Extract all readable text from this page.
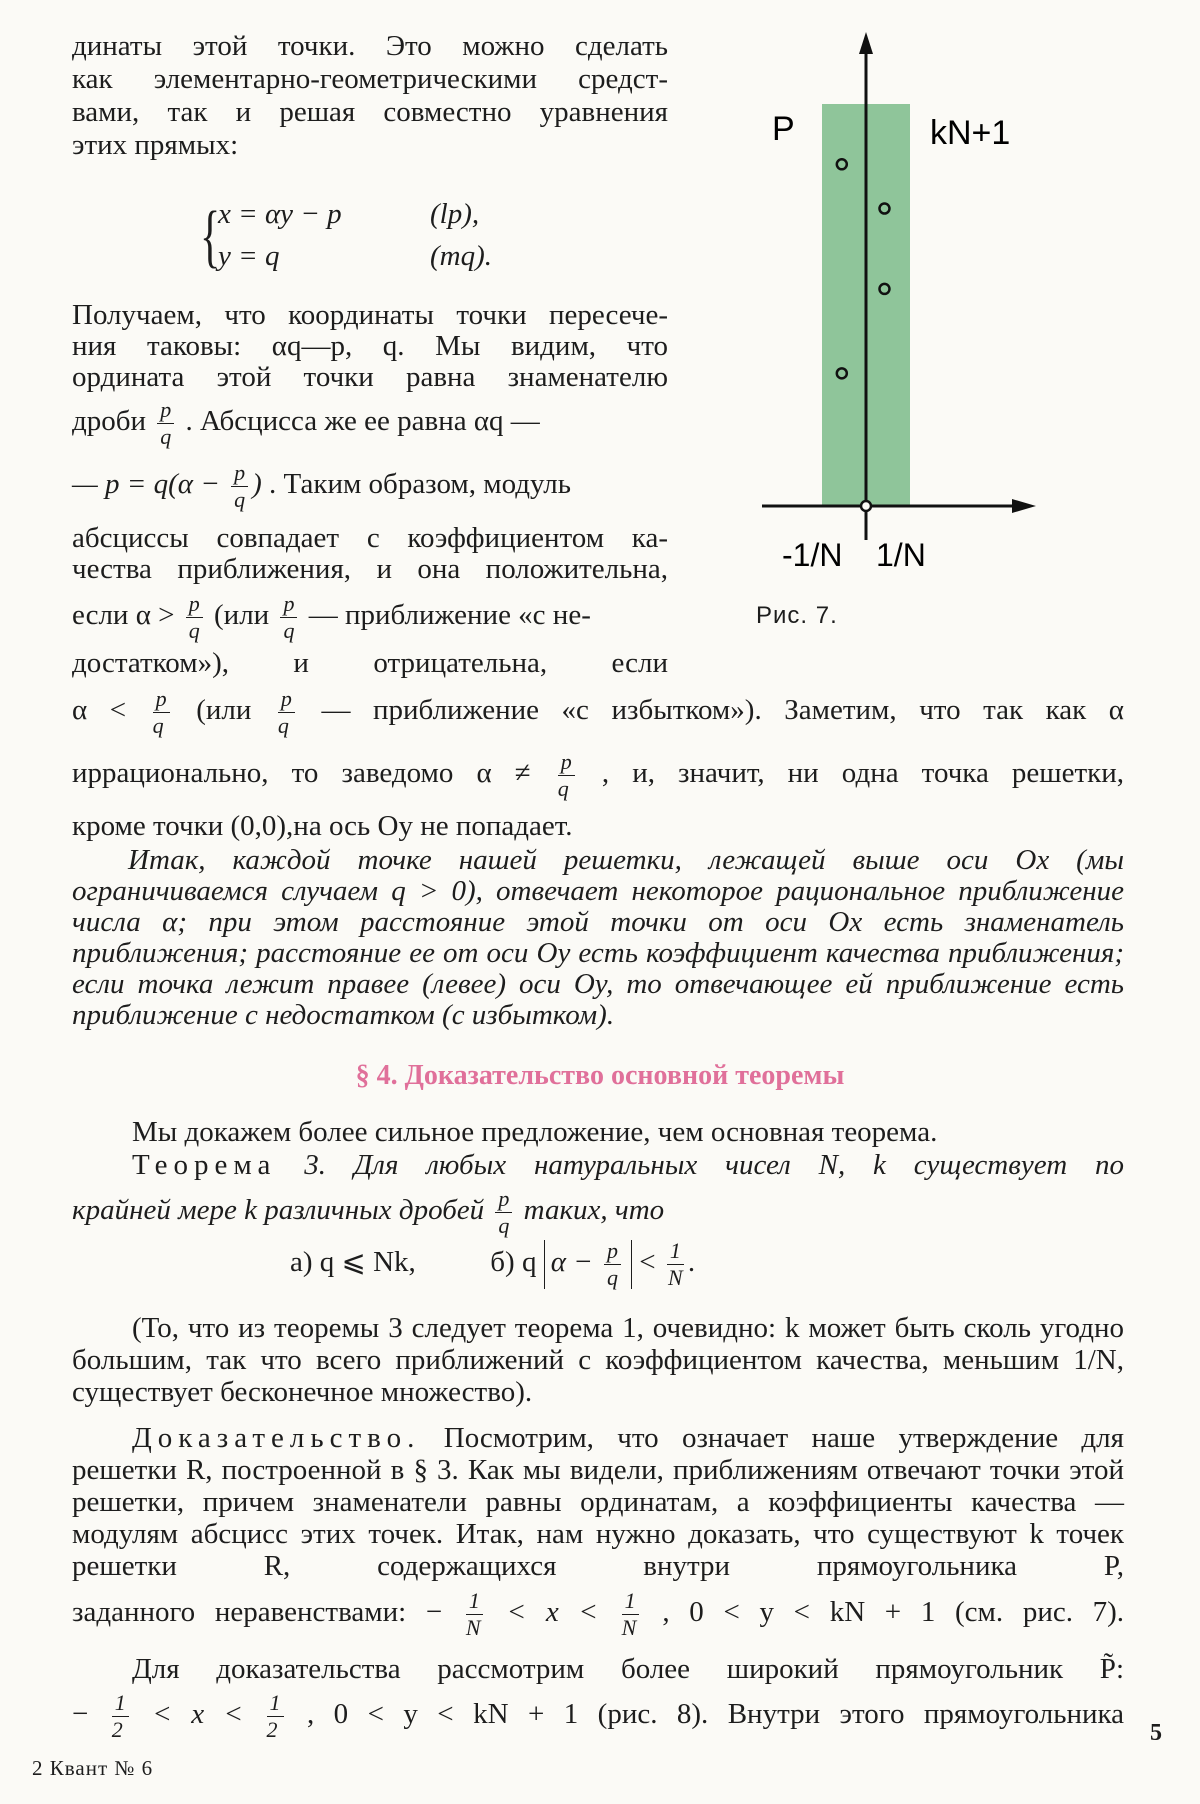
динаты этой точки. Это можно сделать

как элементарно-геометрическими средст-

вами, так и решая совместно уравнения

этих прямых:

{
x = αy − p	(lp),
y = q	(mq).

Получаем, что координаты точки пересече-

ния таковы: αq—p, q. Мы видим, что

ордината этой точки равна знаменателю

дроби $\frac{p}{q}$ . Абсцисса же ее равна αq —

— $p = q(\alpha - \frac{p}{q}$ ) . Таким образом, модуль

абсциссы совпадает с коэффициентом ка-

чества приближения, и она положительна,

если $\alpha > \frac{p}{q} (или \frac{p}{q}$ — приближение «с не-

достатком»), и отрицательна, если

P	kN+1
-1/N 1/N
Рис. 7.

$\alpha < \frac{p}{q} (или \frac{p}{q}$ — приближение «с избытком»). Заметим, что так как α

иррационально, то заведомо $\alpha \ne \frac{p}{q}$ , и, значит, ни одна точка решетки,

кроме точки (0,0),на ось Oy не попадает.

Итак, каждой точке нашей решетки, лежащей выше оси Ox (мы ограничиваемся случаем q > 0), отвечает некоторое рациональное приближение числа α; при этом расстояние этой точки от оси Ox есть знаменатель приближения; расстояние ее от оси Oy есть коэффициент качества приближения; если точка лежит правее (левее) оси Oy, то отвечающее ей приближение есть приближение с недостатком (с избытком).

§ 4. Доказательство основной теоремы

Мы докажем более сильное предложение, чем основная теорема.

Теорема 3. Для любых натуральных чисел N, k существует по

крайней мере k различных дробей $\frac{p}{q}$ таких, что

а) q ⩽ Nk,	б) q $\alpha - \frac{p}{q} < \frac{1}{N}$ .

(То, что из теоремы 3 следует теорема 1, очевидно: k может быть сколь угодно большим, так что всего приближений с коэффициентом качества, меньшим 1/N, существует бесконечное множество).

Доказательство. Посмотрим, что означает наше утверждение для решетки R, построенной в § 3. Как мы видели, приближениям отвечают точки этой решетки, причем знаменатели равны ординатам, а коэффициенты качества — модулям абсцисс этих точек. Итак, нам нужно доказать, что существуют k точек решетки R, содержащихся внутри прямоугольника P,

заданного неравенствами: − $\frac{1}{N} < x < \frac{1}{N}$ , 0 < y < kN + 1 (см. рис. 7).

Для доказательства рассмотрим более широкий прямоугольник P̃:

− $\frac{1}{2} < x < \frac{1}{2}$ , 0 < y < kN + 1 (рис. 8). Внутри этого прямоугольника

2 Квант № 6
5
